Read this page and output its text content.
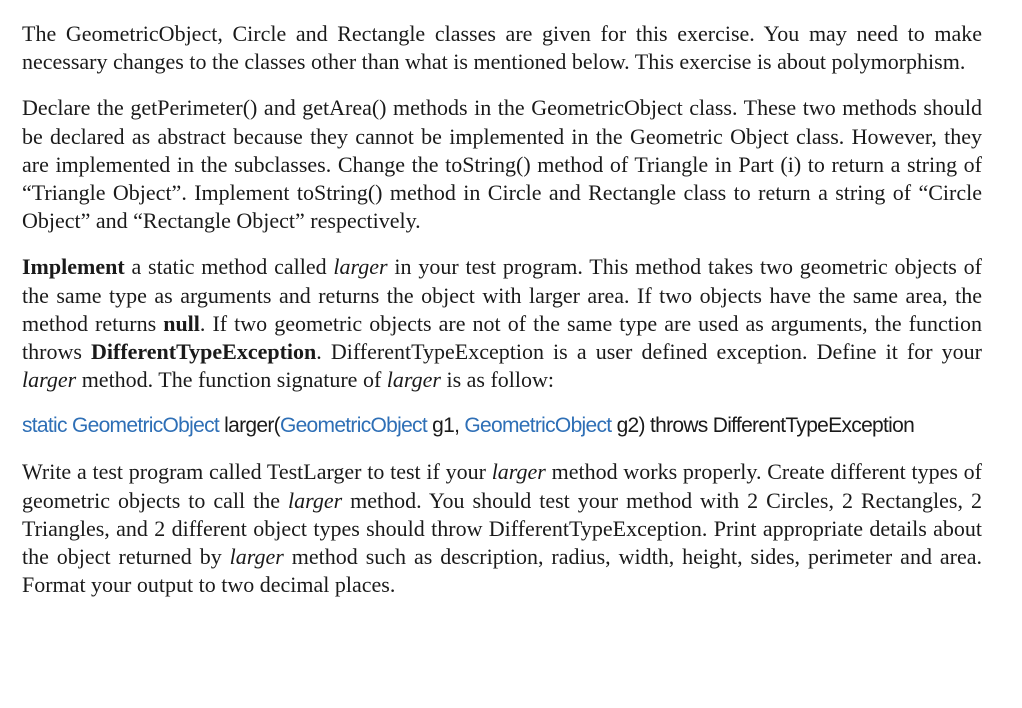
The GeometricObject, Circle and Rectangle classes are given for this exercise. You may need to make necessary changes to the classes other than what is mentioned below. This exercise is about polymorphism.

Declare the getPerimeter() and getArea() methods in the GeometricObject class. These two methods should be declared as abstract because they cannot be implemented in the Geometric Object class. However, they are implemented in the subclasses. Change the toString() method of Triangle in Part (i) to return a string of “Triangle Object”. Implement toString() method in Circle and Rectangle class to return a string of “Circle Object” and “Rectangle Object” respectively.

Implement a static method called larger in your test program. This method takes two geometric objects of the same type as arguments and returns the object with larger area. If two objects have the same area, the method returns null. If two geometric objects are not of the same type are used as arguments, the function throws DifferentTypeException. DifferentTypeException is a user defined exception. Define it for your larger method. The function signature of larger is as follow:

static GeometricObject larger(GeometricObject g1, GeometricObject g2) throws DifferentTypeException

Write a test program called TestLarger to test if your larger method works properly. Create different types of geometric objects to call the larger method. You should test your method with 2 Circles, 2 Rectangles, 2 Triangles, and 2 different object types should throw DifferentTypeException. Print appropriate details about the object returned by larger method such as description, radius, width, height, sides, perimeter and area. Format your output to two decimal places.
